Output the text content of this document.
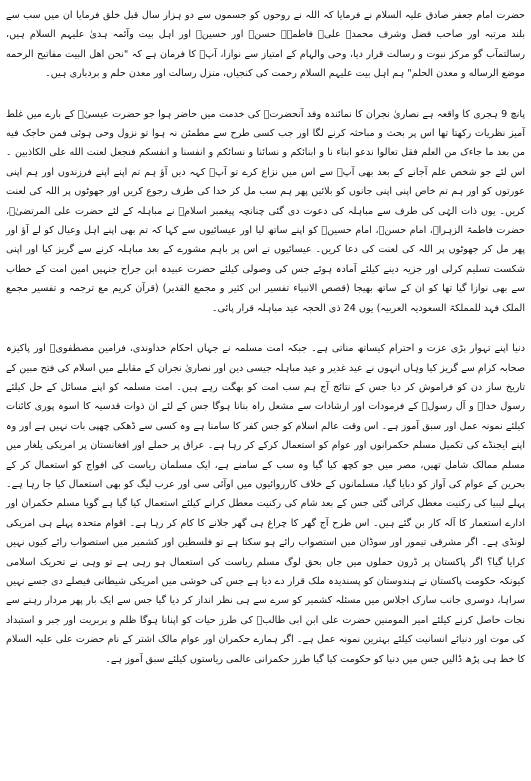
حضرت امام جعفر صادق علیہ السلام نے فرمایا کہ اللہ نے روحوں کو جسموں سے دو ہزار سال قبل خلق فرمایا ان میں سب سے بلند مرتبہ اور صاحب فضل وشرف محمدؐ علیؑ فاطمہؑ حسنؑ اور حسینؑ اور اہل بیت وآئمہ ہدیٰ علیہم السلام ہیں، رسالتمآب گو مرکز نبوت و رسالت قرار دیا، وحی والہام کے امتیاز سے نوازا، آپؐ کا فرمان ہے کہ "نحن اهل البیت مفاتیح الرحمه موضع الرساله و معدن الحلم" ہم اہل بیت علیہم السلام رحمت کی کنجیاں، منزل رسالت اور معدن حلم و بردباری ہیں۔

پانچ 9 ہجری کا واقعہ ہے نصاریٰ نجران کا نمائندہ وفد آنحضرتؐ کی خدمت میں حاضر ہوا جو حضرت عیسیٰؑ کے بارے میں غلط آمیز نظریات رکھتا تھا اس پر بحث و مباحثہ کرنے لگا اور جب کسی طرح سے مطمئن نہ ہوا تو نزول وحی ہوئی فمن حاجک فیه من بعد ما جاءک من العلم فقل تعالوا ندعو ابناء نا و ابنائکم و نسائنا و نسائکم و انفسنا و انفسکم فنجعل لعنت الله علی الکاذبین ۔ اس لئے جو شخص علم آجانے کے بعد بھی آپؐ سے اس میں نزاع کرے تو آپؐ کہہ دیں آؤ ہم تم اپنے اپنے فرزندوں اور ہم اپنی عورتوں کو اور ہم تم خاص اپنی اپنی جانوں کو بلائیں پھر ہم سب مل کر خدا کی طرف رجوع کریں اور جھوٹوں پر اللہ کی لعنت کریں۔ یوں ذات الہٰی کی طرف سے مباہلہ کی دعوت دی گئی چنانچہ پیغمبر اسلامؐ نے مباہلہ کے لئے حضرت علی المرتضیٰؑ، حضرت فاطمۃ الزہراؑ، امام حسنؑ، امام حسینؑ کو اپنے ساتھ لیا اور عیسائیوں سے کہا کہ تم بھی اپنے اہل وعیال کو لے آؤ اور پھر مل کر جھوٹوں پر اللہ کی لعنت کی دعا کریں۔ عیسائیوں نے اس پر باہم مشورے کے بعد مباہلہ کرنے سے گریز کیا اور اپنی شکست تسلیم کرلی اور جزیہ دینے کیلئے آمادہ ہوئے جس کی وصولی کیلئے حضرت عبیدہ ابن جراح جنہیں امین امت کے خطاب سے بھی نوازا گیا تھا کو ان کے ساتھ بھیجا (قصص الانبیاء تفسیر ابن کثیر و مجمع القدیر) (قرآن کریم مع ترجمہ و تفسیر مجمع الملک فہد للمملکۃ السعودیہ العربیہ) یوں 24 ذی الحجہ عید مباہلہ قرار پائی۔

دنیا اپنے تہوار بڑی عزت و احترام کیساتھ مناتی ہے۔ جبکہ امت مسلمہ نے جہاں احکام خداوندی، فرامین مصطفویؐ اور پاکیزہ صحابہ کرام سے گریز کیا وہاں انہوں نے عید غدیر و عید مباہلہ جیسی دین اور نصاریٰ نجران کے مقابلے میں اسلام کی فتح مبین کے تاریخ ساز دن کو فراموش کر دیا جس کے نتائج آج ہم سب امت کو بھگت رہے ہیں۔ امت مسلمہ کو اپنے مسائل کے حل کیلئے رسول خداؐ و آل رسولؐ کے فرمودات اور ارشادات سے مشعل راہ بنانا ہوگا جس کے لئے ان ذوات قدسیہ کا اسوہ پوری کائنات کیلئے نمونہ عمل اور سبق آموز ہے۔ اس وقت عالم اسلام کو جس کفر کا سامنا ہے وہ کسی سے ڈھکی چھپی بات نہیں ہے اور وہ اپنے ایجنڈے کی تکمیل مسلم حکمرانوں اور عوام کو استعمال کرکے کر رہا ہے۔ عراق پر حملے اور افغانستان پر امریکی یلغار میں مسلم ممالک شامل تھیں، مصر میں جو کچھ کیا گیا وہ سب کے سامنے ہے، ایک مسلمان ریاست کی افواج کو استعمال کر کے بحرین کے عوام کی آواز کو دبایا گیا، مسلمانوں کے خلاف کارروائیوں میں اوآئی سی اور عرب لیگ کو بھی استعمال کیا جا رہا ہے۔ پہلے لیبیا کی رکنیت معطل کرائی گئی جس کے بعد شام کی رکنیت معطل کرانے کیلئے استعمال کیا گیا ہے گویا مسلم حکمران اور ادارے استعمار کا آلہ کار بن گئے ہیں۔ اس طرح آج گھر کا چراغ ہی گھر جلانے کا کام کر رہا ہے۔ اقوام متحدہ پہلے ہی امریکی لونڈی ہے۔ اگر مشرقی تیمور اور سوڈان میں استصواب رائے ہو سکتا ہے تو فلسطین اور کشمیر میں استصواب رائے کیوں نہیں کرایا گیا؟ اگر پاکستان پر ڈرون حملوں میں جاں بحق لوگ مسلم ریاست کی استعمال ہو رہی ہے تو وہی نے تحریک اسلامی کیونکہ حکومت پاکستان نے ہندوستان کو پسندیدہ ملک قرار دے دیا ہے جس کی خوشی میں امریکی شیطانی فیصلے دی جسے نہیں سراہا، دوسری جانب سارک اجلاس میں مسئلہ کشمیر کو سرے سے ہی نظر انداز کر دیا گیا جس سے ایک بار پھر مردار رہنے سے نجات حاصل کرنے کیلئے امیر المومنین حضرت علی ابن ابی طالبؑ کی طرز حیات کو اپنانا ہوگا ظلم و بربریت اور جبر و استبداد کی موت اور دنیائے انسانیت کیلئے بہترین نمونہ عمل ہے۔ اگر ہمارے حکمران اور عوام مالک اشتر کے نام حضرت علی علیہ السلام کا خط ہی پڑھ ڈالیں جس میں دنیا کو حکومت کیا گیا طرز حکمرانی عالمی ریاستوں کیلئے سبق آموز ہے۔
